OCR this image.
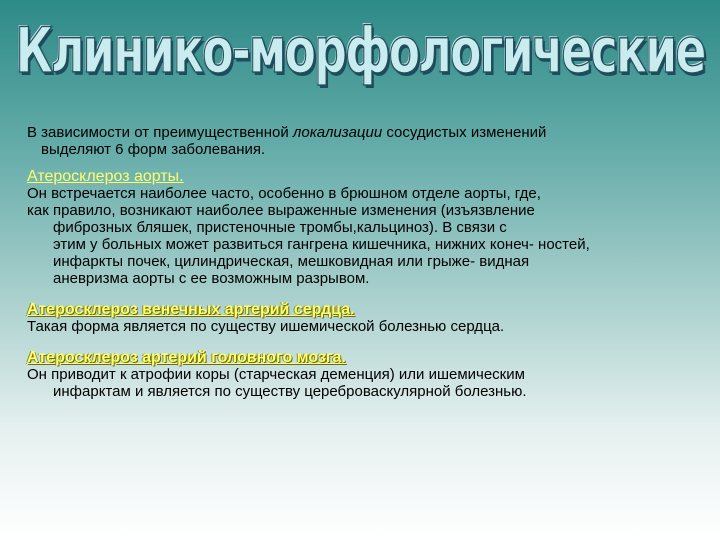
Клинико-морфологические
В зависимости от преимущественной локализации сосудистых изменений
выделяют 6 форм заболевания.
Атеросклероз аорты.
Он встречается наиболее часто, особенно в брюшном отделе аорты, где,
как правило, возникают наиболее выраженные изменения (изъязвление
фиброзных бляшек, пристеночные тромбы,кальциноз). В связи с
этим у больных может развиться гангрена кишечника, нижних конеч- ностей,
инфаркты почек, цилиндрическая, мешковидная или грыже- видная
аневризма аорты с ее возможным разрывом.
Атеросклероз венечных артерий сердца.
Такая форма является по существу ишемической болезнью сердца.
Атеросклероз артерий головного мозга.
Он приводит к атрофии коры (старческая деменция) или ишемическим
инфарктам и является по существу цереброваскулярной болезнью.
